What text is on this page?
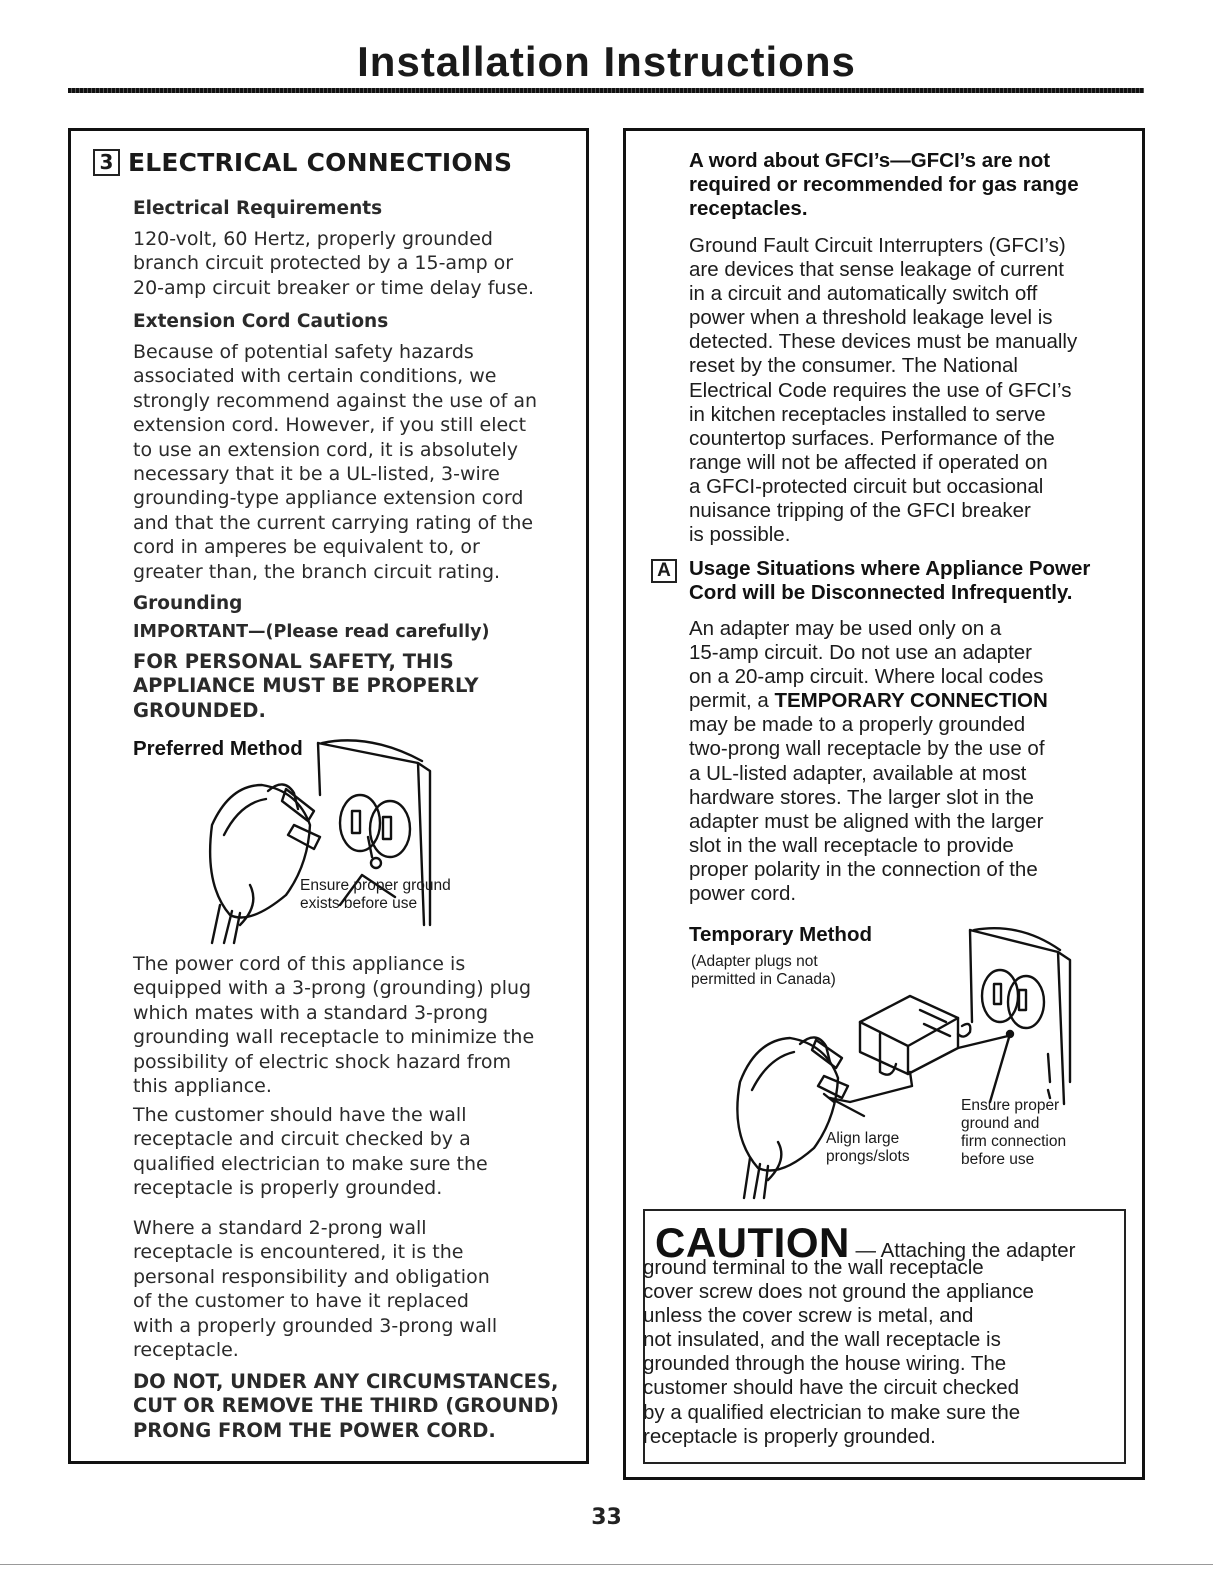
Installation Instructions
3 ELECTRICAL CONNECTIONS
Electrical Requirements
120-volt, 60 Hertz, properly grounded
branch circuit protected by a 15-amp or
20-amp circuit breaker or time delay fuse.
Extension Cord Cautions
Because of potential safety hazards
associated with certain conditions, we
strongly recommend against the use of an
extension cord. However, if you still elect
to use an extension cord, it is absolutely
necessary that it be a UL-listed, 3-wire
grounding-type appliance extension cord
and that the current carrying rating of the
cord in amperes be equivalent to, or
greater than, the branch circuit rating.
Grounding
IMPORTANT—(Please read carefully)
FOR PERSONAL SAFETY, THIS
APPLIANCE MUST BE PROPERLY
GROUNDED.
Preferred Method
Ensure proper ground
exists before use
The power cord of this appliance is
equipped with a 3-prong (grounding) plug
which mates with a standard 3-prong
grounding wall receptacle to minimize the
possibility of electric shock hazard from
this appliance.
The customer should have the wall
receptacle and circuit checked by a
qualified electrician to make sure the
receptacle is properly grounded.
Where a standard 2-prong wall
receptacle is encountered, it is the
personal responsibility and obligation
of the customer to have it replaced
with a properly grounded 3-prong wall
receptacle.
DO NOT, UNDER ANY CIRCUMSTANCES,
CUT OR REMOVE THE THIRD (GROUND)
PRONG FROM THE POWER CORD.
A word about GFCI’s—GFCI’s are not
required or recommended for gas range
receptacles.
Ground Fault Circuit Interrupters (GFCI’s)
are devices that sense leakage of current
in a circuit and automatically switch off
power when a threshold leakage level is
detected. These devices must be manually
reset by the consumer. The National
Electrical Code requires the use of GFCI’s
in kitchen receptacles installed to serve
countertop surfaces. Performance of the
range will not be affected if operated on
a GFCI-protected circuit but occasional
nuisance tripping of the GFCI breaker
is possible.
A Usage Situations where Appliance Power
Cord will be Disconnected Infrequently.
An adapter may be used only on a
15-amp circuit. Do not use an adapter
on a 20-amp circuit. Where local codes
permit, a TEMPORARY CONNECTION
may be made to a properly grounded
two-prong wall receptacle by the use of
a UL-listed adapter, available at most
hardware stores. The larger slot in the
adapter must be aligned with the larger
slot in the wall receptacle to provide
proper polarity in the connection of the
power cord.
Temporary Method
(Adapter plugs not
permitted in Canada)
Align large
prongs/slots
Ensure proper
ground and
firm connection
before use
CAUTION — Attaching the adapter
ground terminal to the wall receptacle
cover screw does not ground the appliance
unless the cover screw is metal, and
not insulated, and the wall receptacle is
grounded through the house wiring. The
customer should have the circuit checked
by a qualified electrician to make sure the
receptacle is properly grounded.
33
